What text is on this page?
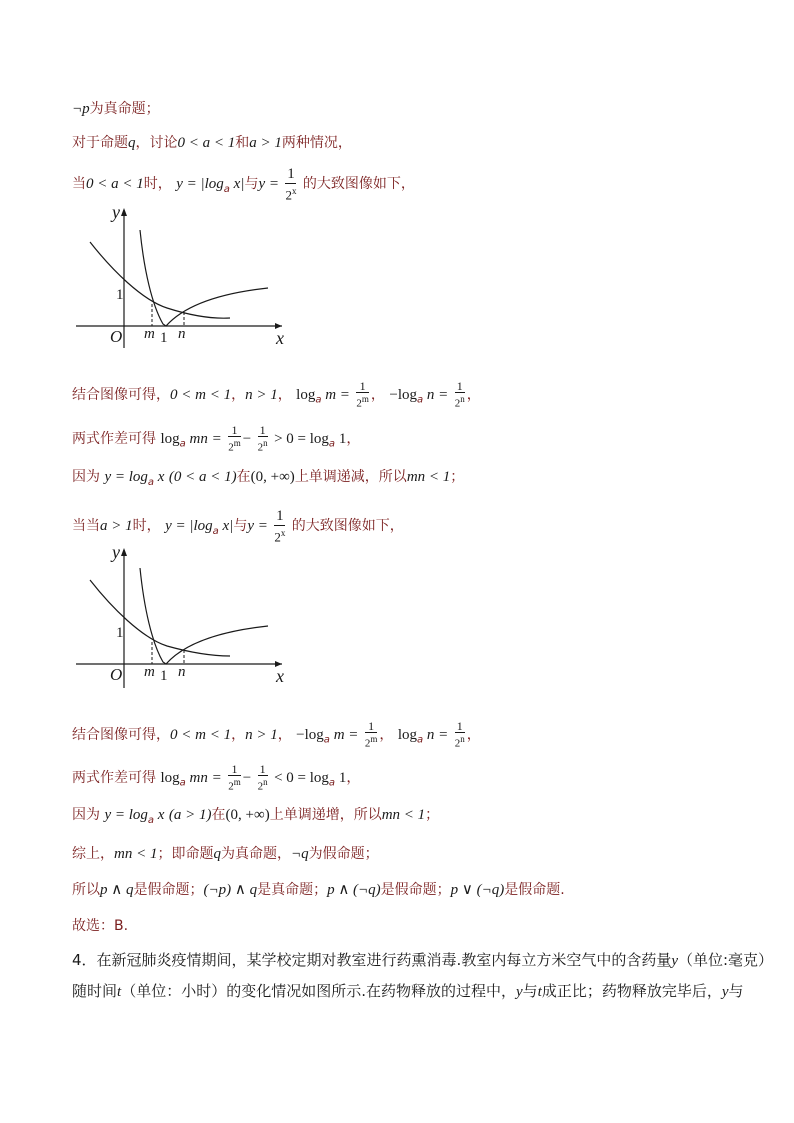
¬p为真命题；
对于命题q，讨论0 < a < 1和a > 1两种情况，
当0 < a < 1时， $y = |\log_a$ x|与$y = \frac{1}{2^x}$ 的大致图像如下，
y
x
O
1
m 1 n
结合图像可得，0 < m < 1，n > 1， $\log_a m = \frac{1}{2^m}$ ， $-\log_a$ $n = \frac{1}{2^n}$ ，
两式作差可得 $\log_a$ mn = $\frac{1}{2^m} - \frac{1}{2^n} > 0 = \log_a 1$，
因为 $y = \log_a x$ (0 < a < 1)在(0, +∞)上单调递减，所以mn < 1；
当当a > 1时， $y = |\log_a$ x|与$y = \frac{1}{2^x}$ 的大致图像如下，
y
x
O
1
m 1 n
结合图像可得，0 < m < 1，n > 1， $-\log_a$ $m = \frac{1}{2^m}$ ， $\log_a n = \frac{1}{2^n}$ ，
两式作差可得 $\log_a$ mn = $\frac{1}{2^m} - \frac{1}{2^n} < 0 = \log_a 1$，
因为 $y = \log_a x$ (a > 1)在(0, +∞)上单调递增，所以mn < 1；
综上，mn < 1；即命题q为真命题，¬q为假命题；
所以p ∧ q是假命题；(¬p) ∧ q是真命题；p ∧ (¬q)是假命题；p ∨ (¬q)是假命题.
故选：B.
4．在新冠肺炎疫情期间，某学校定期对教室进行药熏消毒.教室内每立方米空气中的含药量y（单位:毫克）
随时间t（单位：小时）的变化情况如图所示.在药物释放的过程中，y与t成正比；药物释放完毕后，y与
